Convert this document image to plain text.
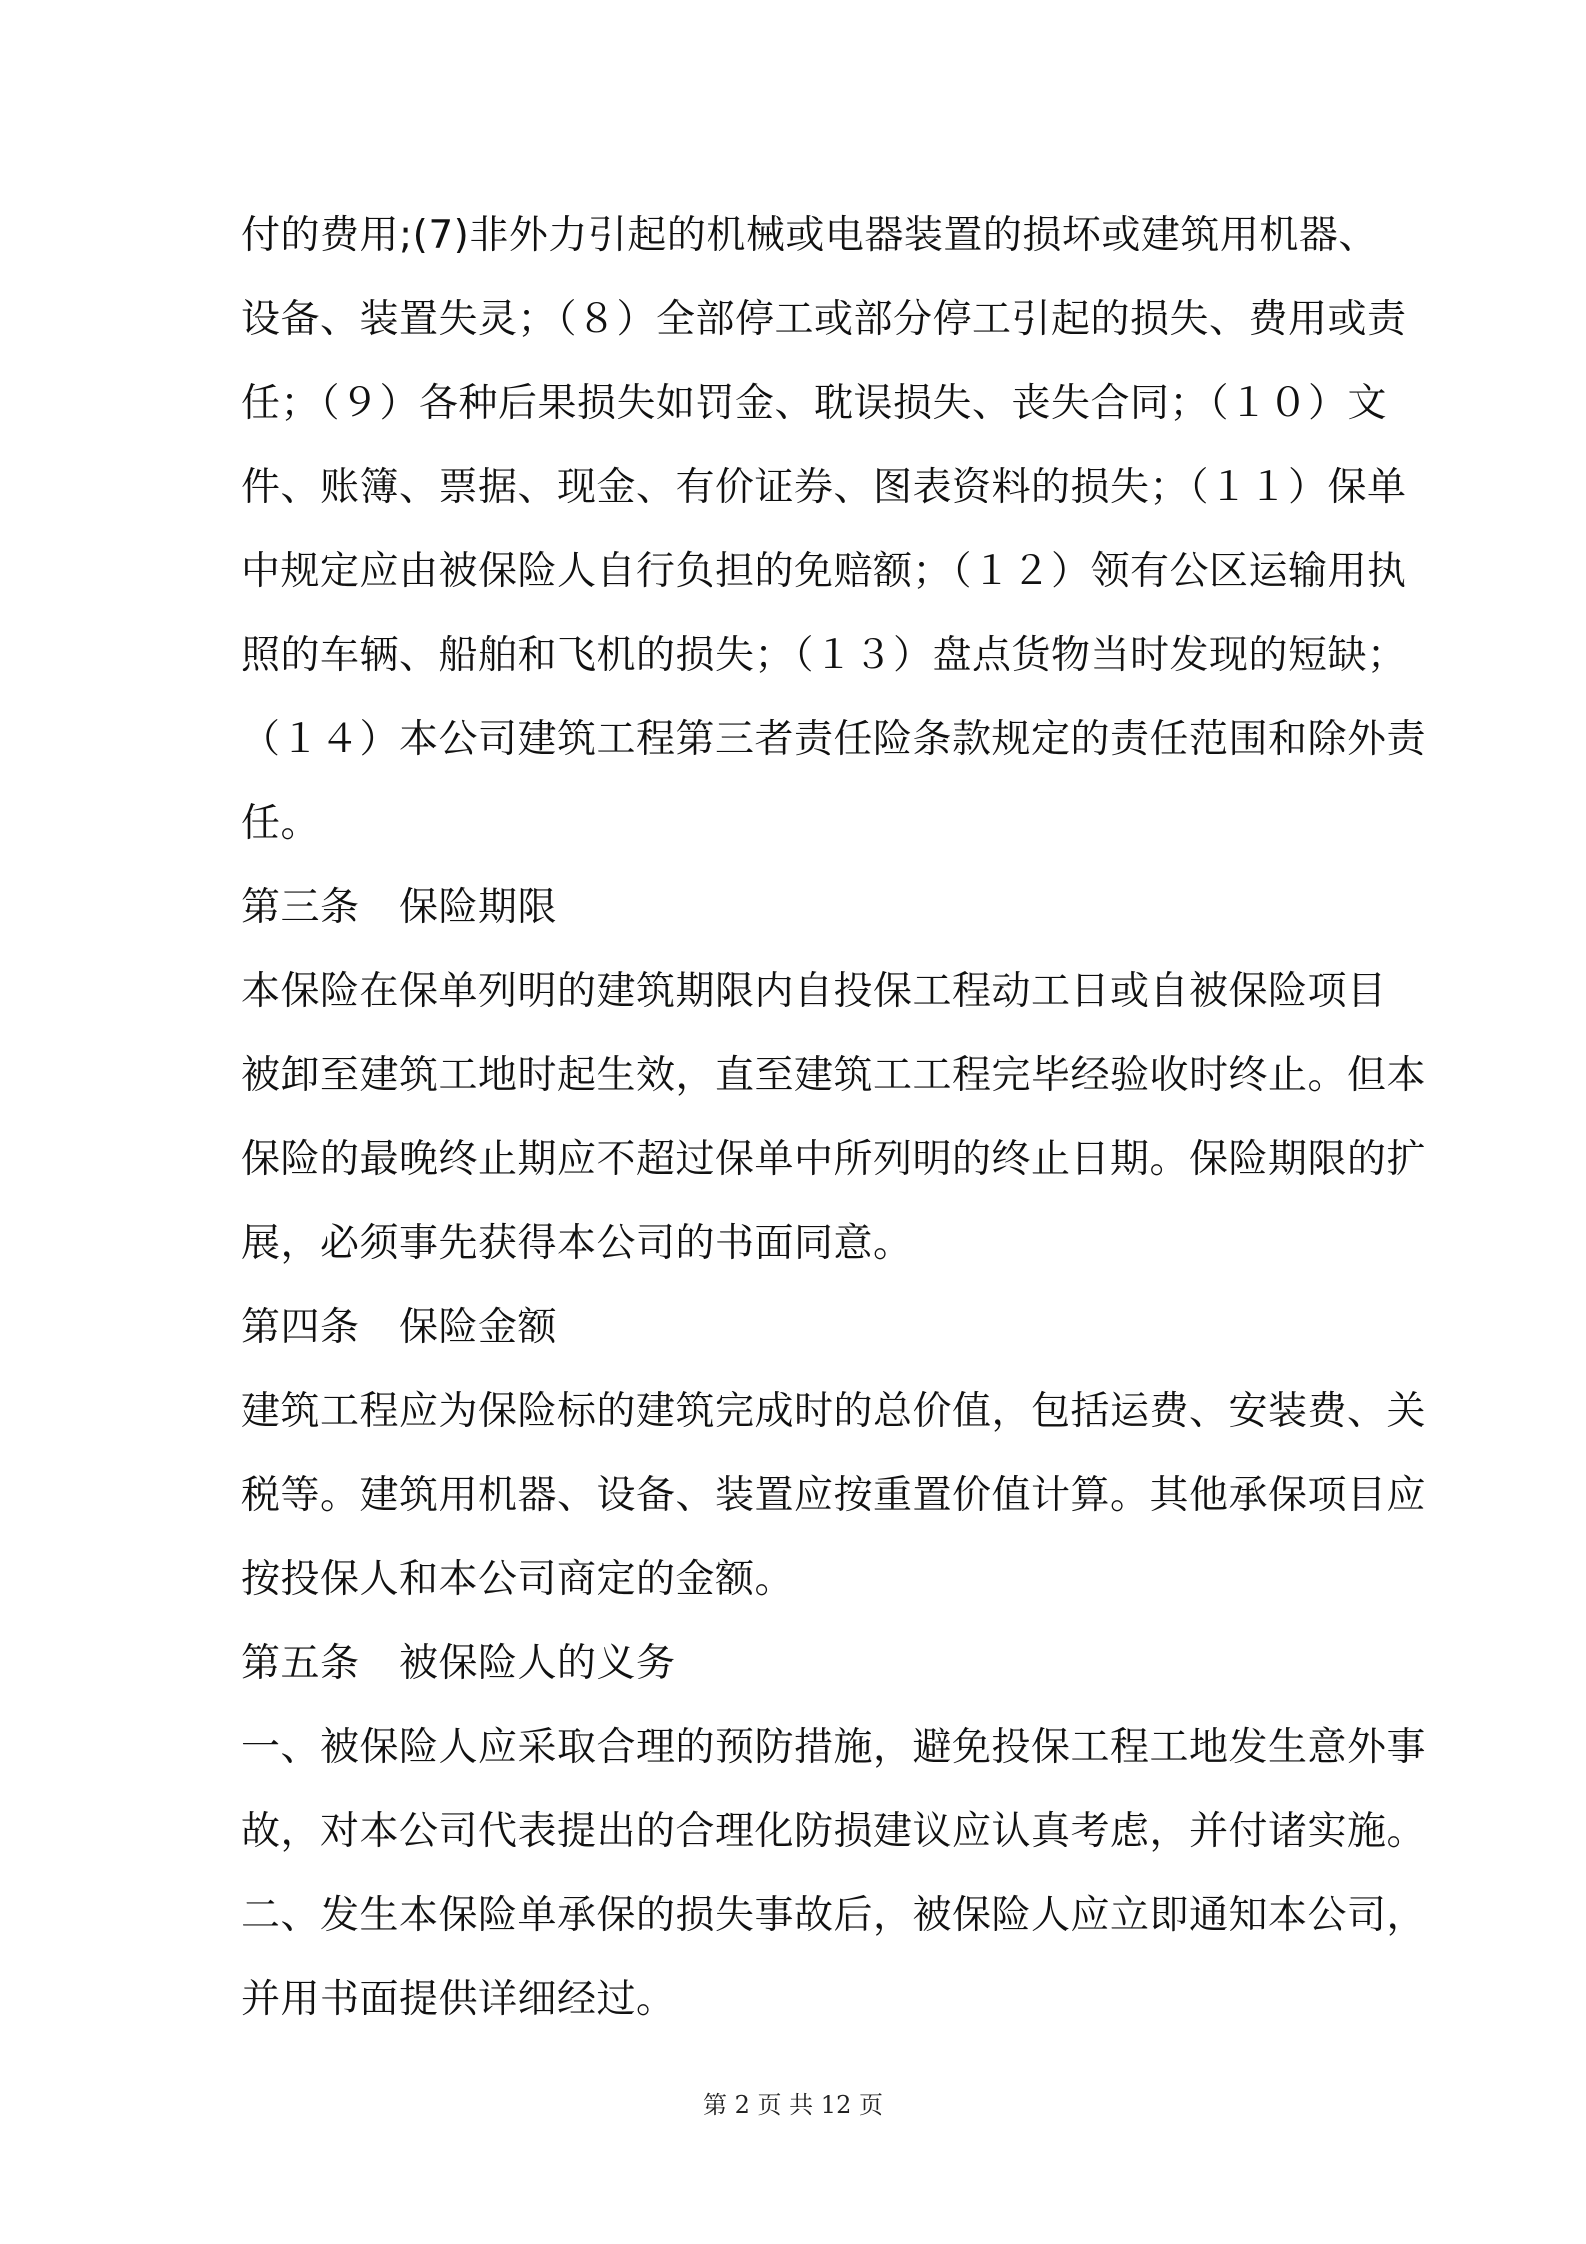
付的费用;(7)非外力引起的机械或电器装置的损坏或建筑用机器、
设备、装置失灵；（８）全部停工或部分停工引起的损失、费用或责
任；（９）各种后果损失如罚金、耽误损失、丧失合同；（１０）文
件、账簿、票据、现金、有价证券、图表资料的损失；（１１）保单
中规定应由被保险人自行负担的免赔额；（１２）领有公区运输用执
照的车辆、船舶和飞机的损失；（１３）盘点货物当时发现的短缺；
（１４）本公司建筑工程第三者责任险条款规定的责任范围和除外责
任。
第三条　保险期限
本保险在保单列明的建筑期限内自投保工程动工日或自被保险项目
被卸至建筑工地时起生效，直至建筑工工程完毕经验收时终止。但本
保险的最晚终止期应不超过保单中所列明的终止日期。保险期限的扩
展，必须事先获得本公司的书面同意。
第四条　保险金额
建筑工程应为保险标的建筑完成时的总价值，包括运费、安装费、关
税等。建筑用机器、设备、装置应按重置价值计算。其他承保项目应
按投保人和本公司商定的金额。
第五条　被保险人的义务
一、被保险人应采取合理的预防措施，避免投保工程工地发生意外事
故，对本公司代表提出的合理化防损建议应认真考虑，并付诸实施。
二、发生本保险单承保的损失事故后，被保险人应立即通知本公司，
并用书面提供详细经过。
第 2 页 共 12 页
